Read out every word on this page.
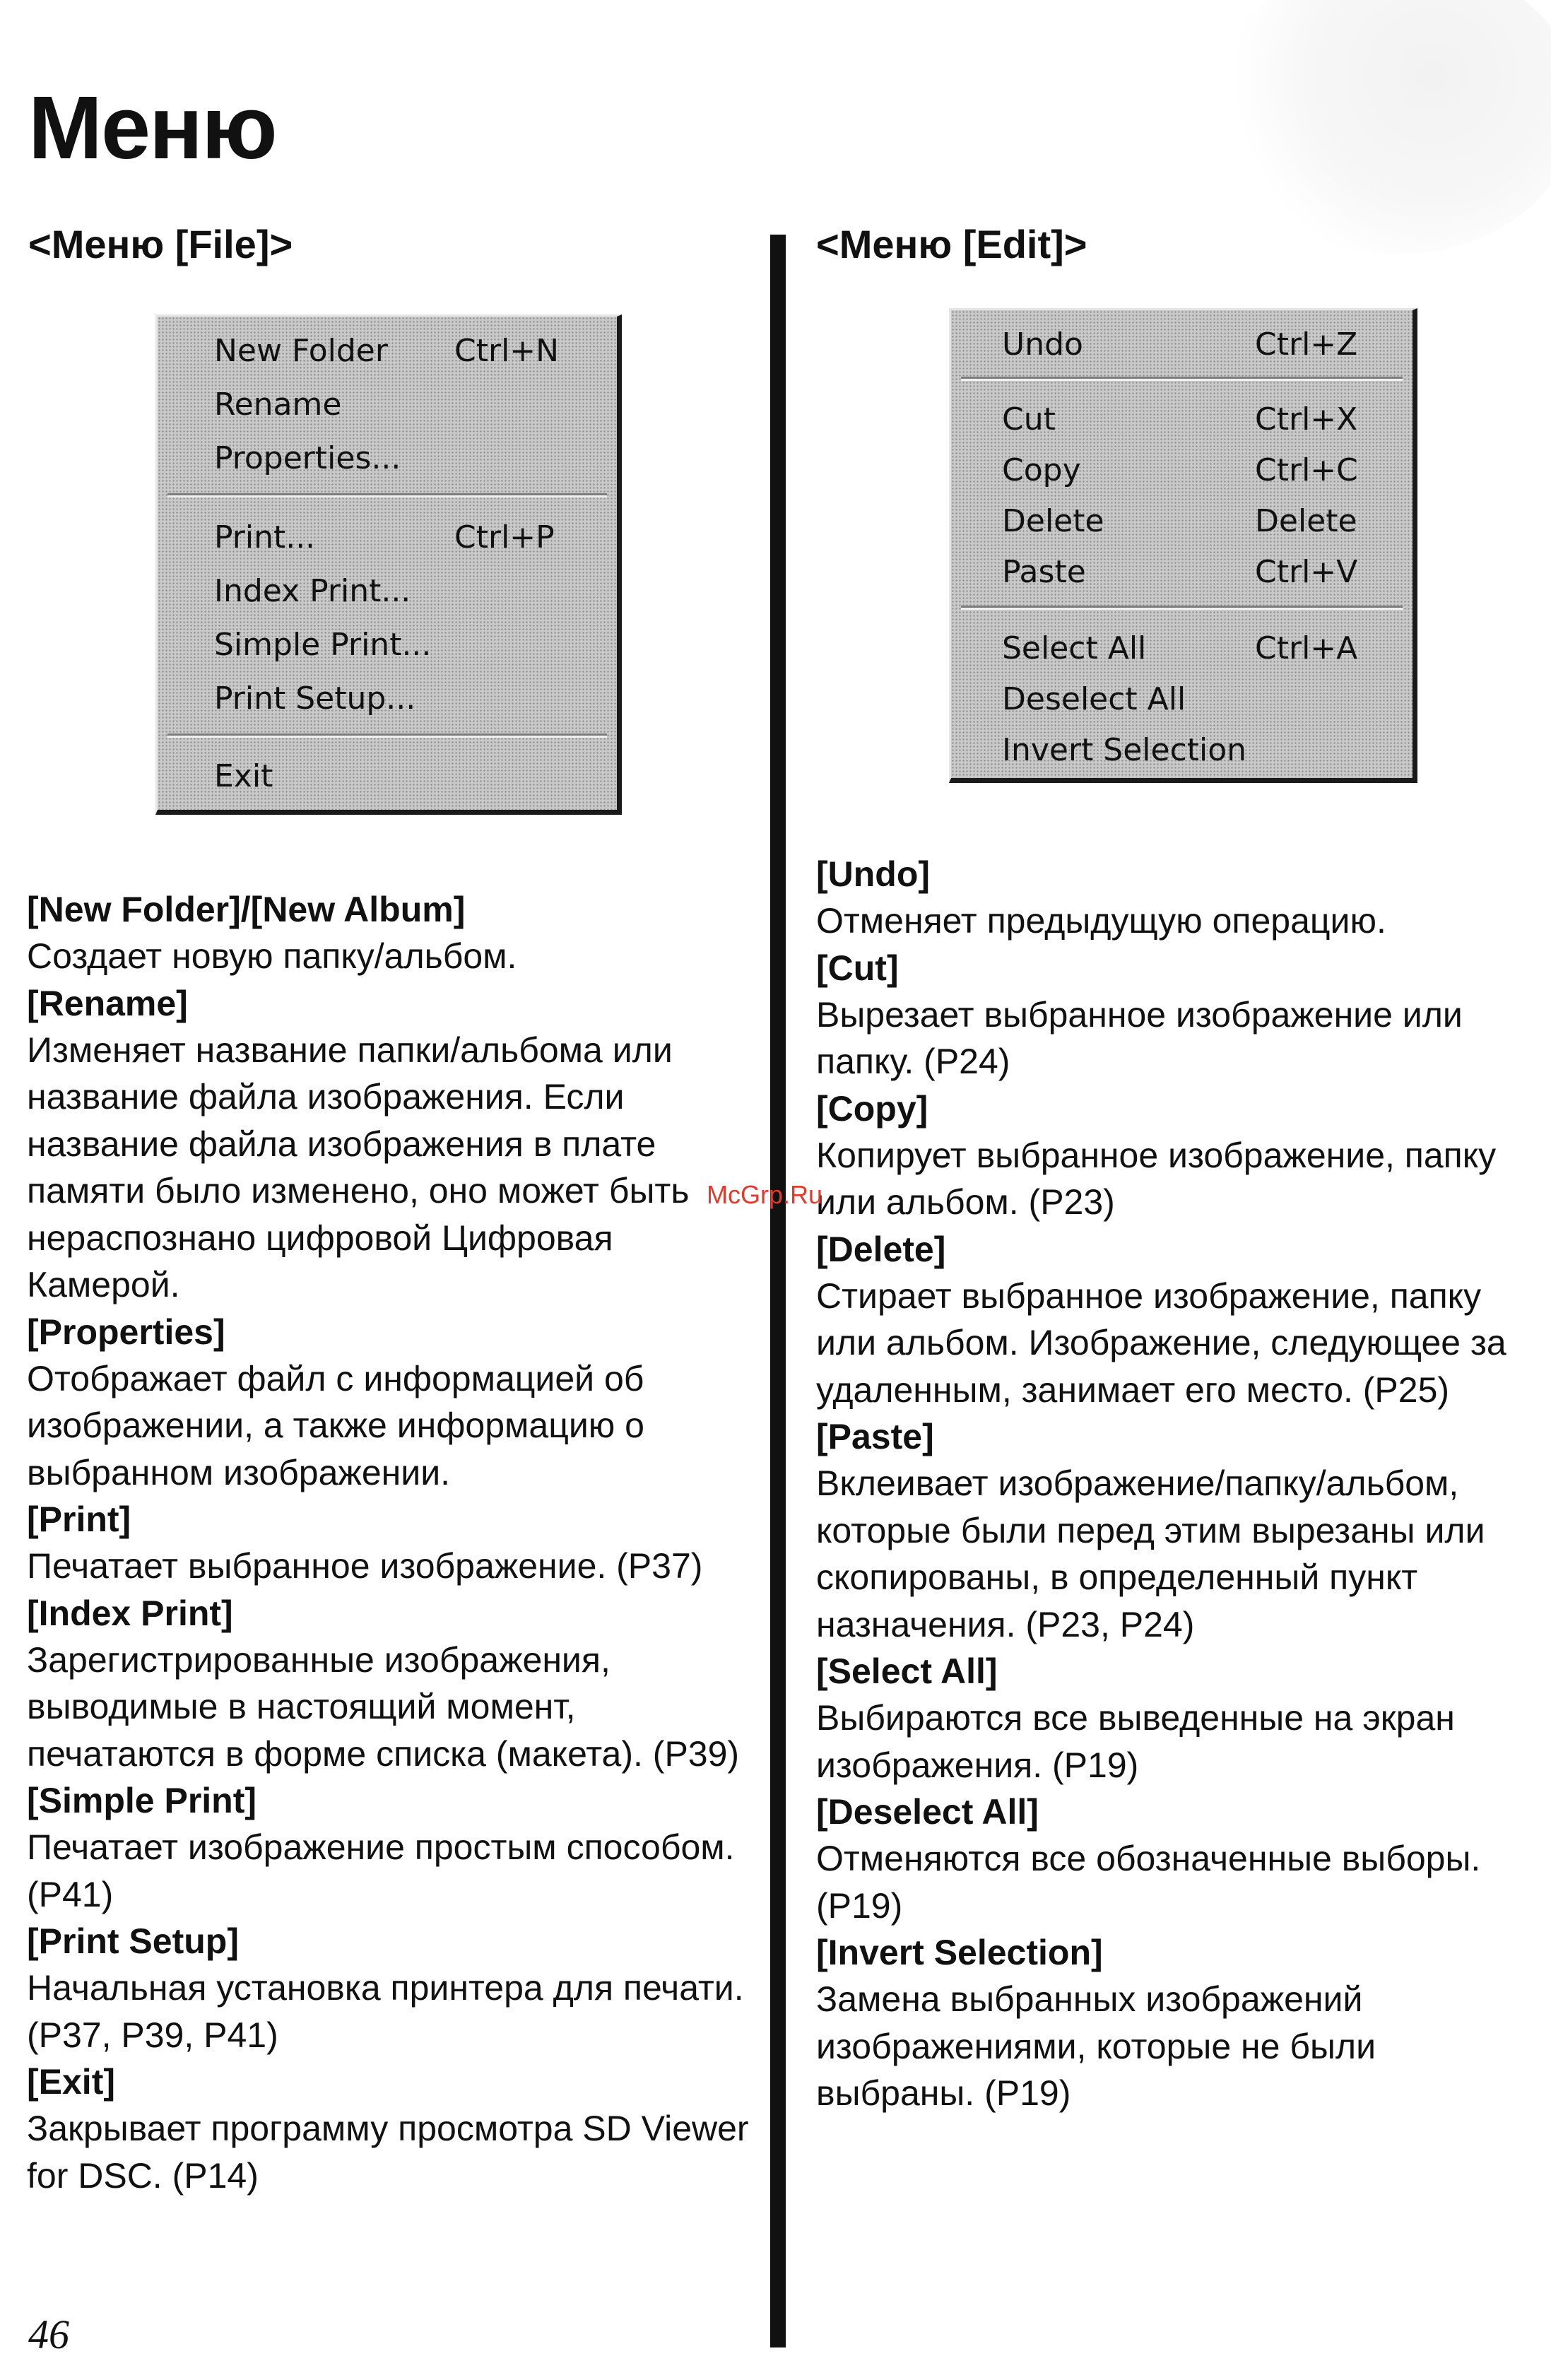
Меню
<Меню [File]>
New Folder Ctrl+N
Rename
Properties...
Print...	Ctrl+P
Index Print...
Simple Print...
Print Setup...
Exit

[New Folder]/[New Album]

Создает новую папку/альбом.

[Rename]

Изменяет название папки/альбома или название файла изображения. Если название файла изображения в плате памяти было изменено, оно может быть нераспознано цифровой Цифровая Камерой.

[Properties]

Отображает файл с информацией об изображении, а также информацию о выбранном изображении.

[Print]

Печатает выбранное изображение. (P37)

[Index Print]

Зарегистрированные изображения, выводимые в настоящий момент, печатаются в форме списка (макета). (P39)

[Simple Print]

Печатает изображение простым способом. (P41)

[Print Setup]

Начальная установка принтера для печати. (P37, P39, P41)

[Exit]

Закрывает программу просмотра SD Viewer for DSC. (P14)

<Меню [Edit]>
Undo	Ctrl+Z
Cut	Ctrl+X
Copy	Ctrl+C
Delete	Delete
Paste	Ctrl+V
Select All	Ctrl+A
Deselect All
Invert Selection

[Undo]

Отменяет предыдущую операцию.

[Cut]

Вырезает выбранное изображение или папку. (P24)

[Copy]

Копирует выбранное изображение, папку или альбом. (P23)

[Delete]

Стирает выбранное изображение, папку или альбом. Изображение, следующее за удаленным, занимает его место. (P25)

[Paste]

Вклеивает изображение/папку/альбом, которые были перед этим вырезаны или скопированы, в определенный пункт назначения. (P23, P24)

[Select All]

Выбираются все выведенные на экран изображения. (P19)

[Deselect All]

Отменяются все обозначенные выборы. (P19)

[Invert Selection]

Замена выбранных изображений изображениями, которые не были выбраны. (P19)

McGrp.Ru
46
